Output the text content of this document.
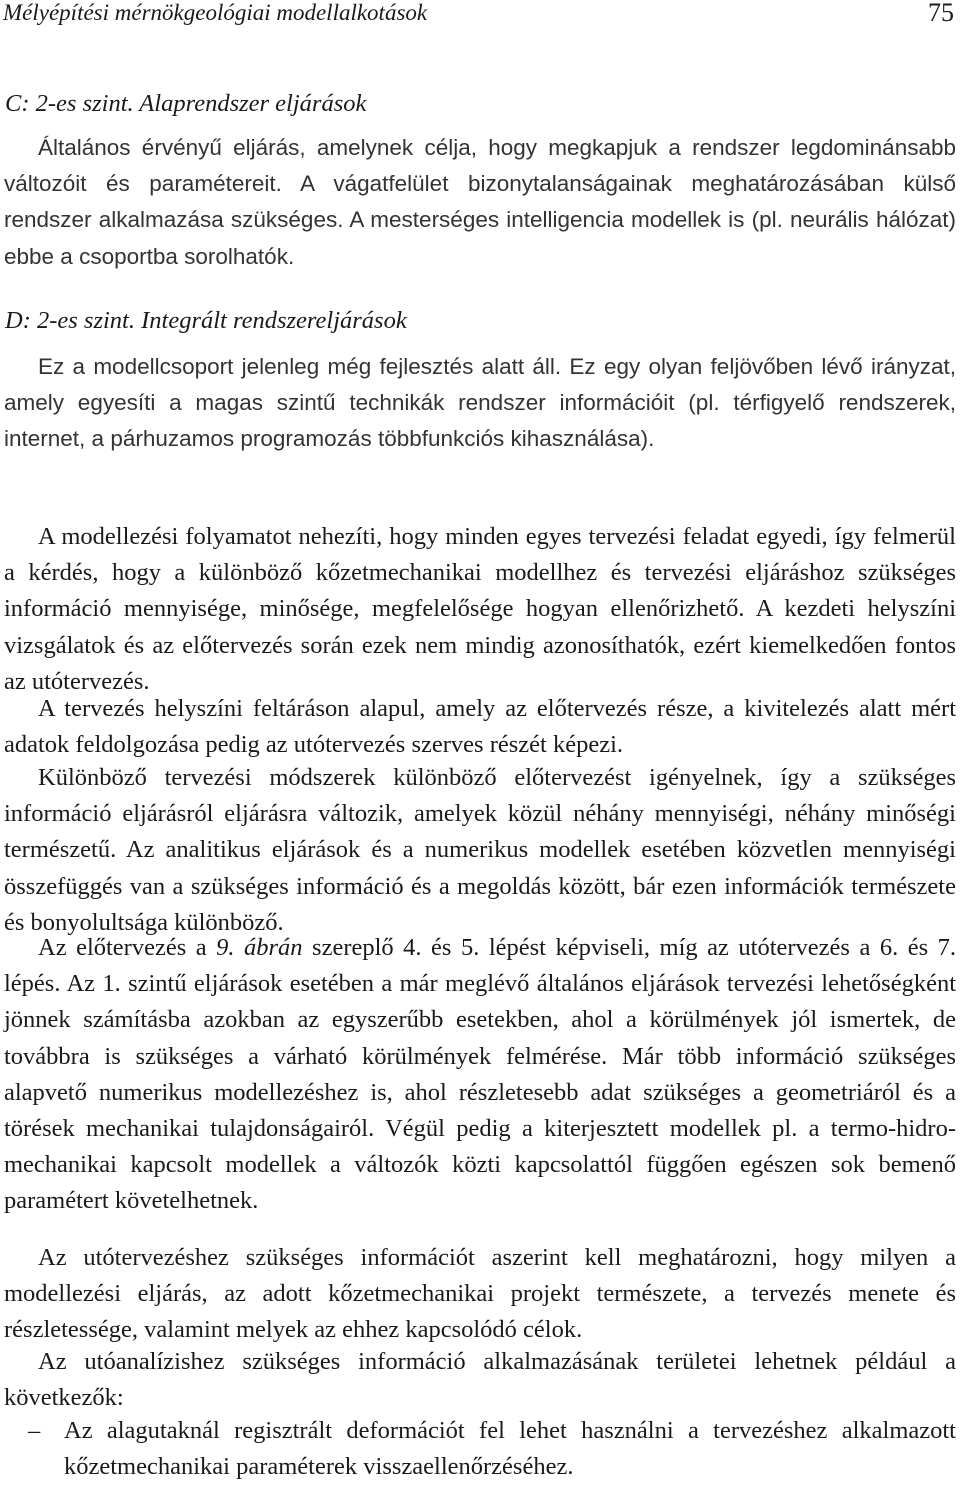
Mélyépítési mérnökgeológiai modellalkotások	75
C: 2-es szint. Alaprendszer eljárások
Általános érvényű eljárás, amelynek célja, hogy megkapjuk a rendszer legdominánsabb változóit és paramétereit. A vágatfelület bizonytalanságainak meghatározásában külső rendszer alkalmazása szükséges. A mesterséges intelligencia modellek is (pl. neurális hálózat) ebbe a csoportba sorolhatók.
D: 2-es szint. Integrált rendszereljárások
Ez a modellcsoport jelenleg még fejlesztés alatt áll. Ez egy olyan feljövőben lévő irányzat, amely egyesíti a magas szintű technikák rendszer információit (pl. térfigyelő rendszerek, internet, a párhuzamos programozás többfunkciós kihasználása).
A modellezési folyamatot nehezíti, hogy minden egyes tervezési feladat egyedi, így felmerül a kérdés, hogy a különböző kőzetmechanikai modellhez és tervezési eljáráshoz szükséges információ mennyisége, minősége, megfelelősége hogyan ellenőrizhető. A kezdeti helyszíni vizsgálatok és az előtervezés során ezek nem mindig azonosíthatók, ezért kiemelkedően fontos az utótervezés.
A tervezés helyszíni feltáráson alapul, amely az előtervezés része, a kivitelezés alatt mért adatok feldolgozása pedig az utótervezés szerves részét képezi.
Különböző tervezési módszerek különböző előtervezést igényelnek, így a szükséges információ eljárásról eljárásra változik, amelyek közül néhány mennyiségi, néhány minőségi természetű. Az analitikus eljárások és a numerikus modellek esetében közvetlen mennyiségi összefüggés van a szükséges információ és a megoldás között, bár ezen információk természete és bonyolultsága különböző.
Az előtervezés a 9. ábrán szereplő 4. és 5. lépést képviseli, míg az utótervezés a 6. és 7. lépés. Az 1. szintű eljárások esetében a már meglévő általános eljárások tervezési lehetőségként jönnek számításba azokban az egyszerűbb esetekben, ahol a körülmények jól ismertek, de továbbra is szükséges a várható körülmények felmérése. Már több információ szükséges alapvető numerikus modellezéshez is, ahol részletesebb adat szükséges a geometriáról és a törések mechanikai tulajdonságairól. Végül pedig a kiterjesztett modellek pl. a termo-hidro-mechanikai kapcsolt modellek a változók közti kapcsolattól függően egészen sok bemenő paramétert követelhetnek.
Az utótervezéshez szükséges információt aszerint kell meghatározni, hogy milyen a modellezési eljárás, az adott kőzetmechanikai projekt természete, a tervezés menete és részletessége, valamint melyek az ehhez kapcsolódó célok.
Az utóanalízishez szükséges információ alkalmazásának területei lehetnek például a következők:
– Az alagutaknál regisztrált deformációt fel lehet használni a tervezéshez alkalmazott kőzetmechanikai paraméterek visszaellenőrzéséhez.
